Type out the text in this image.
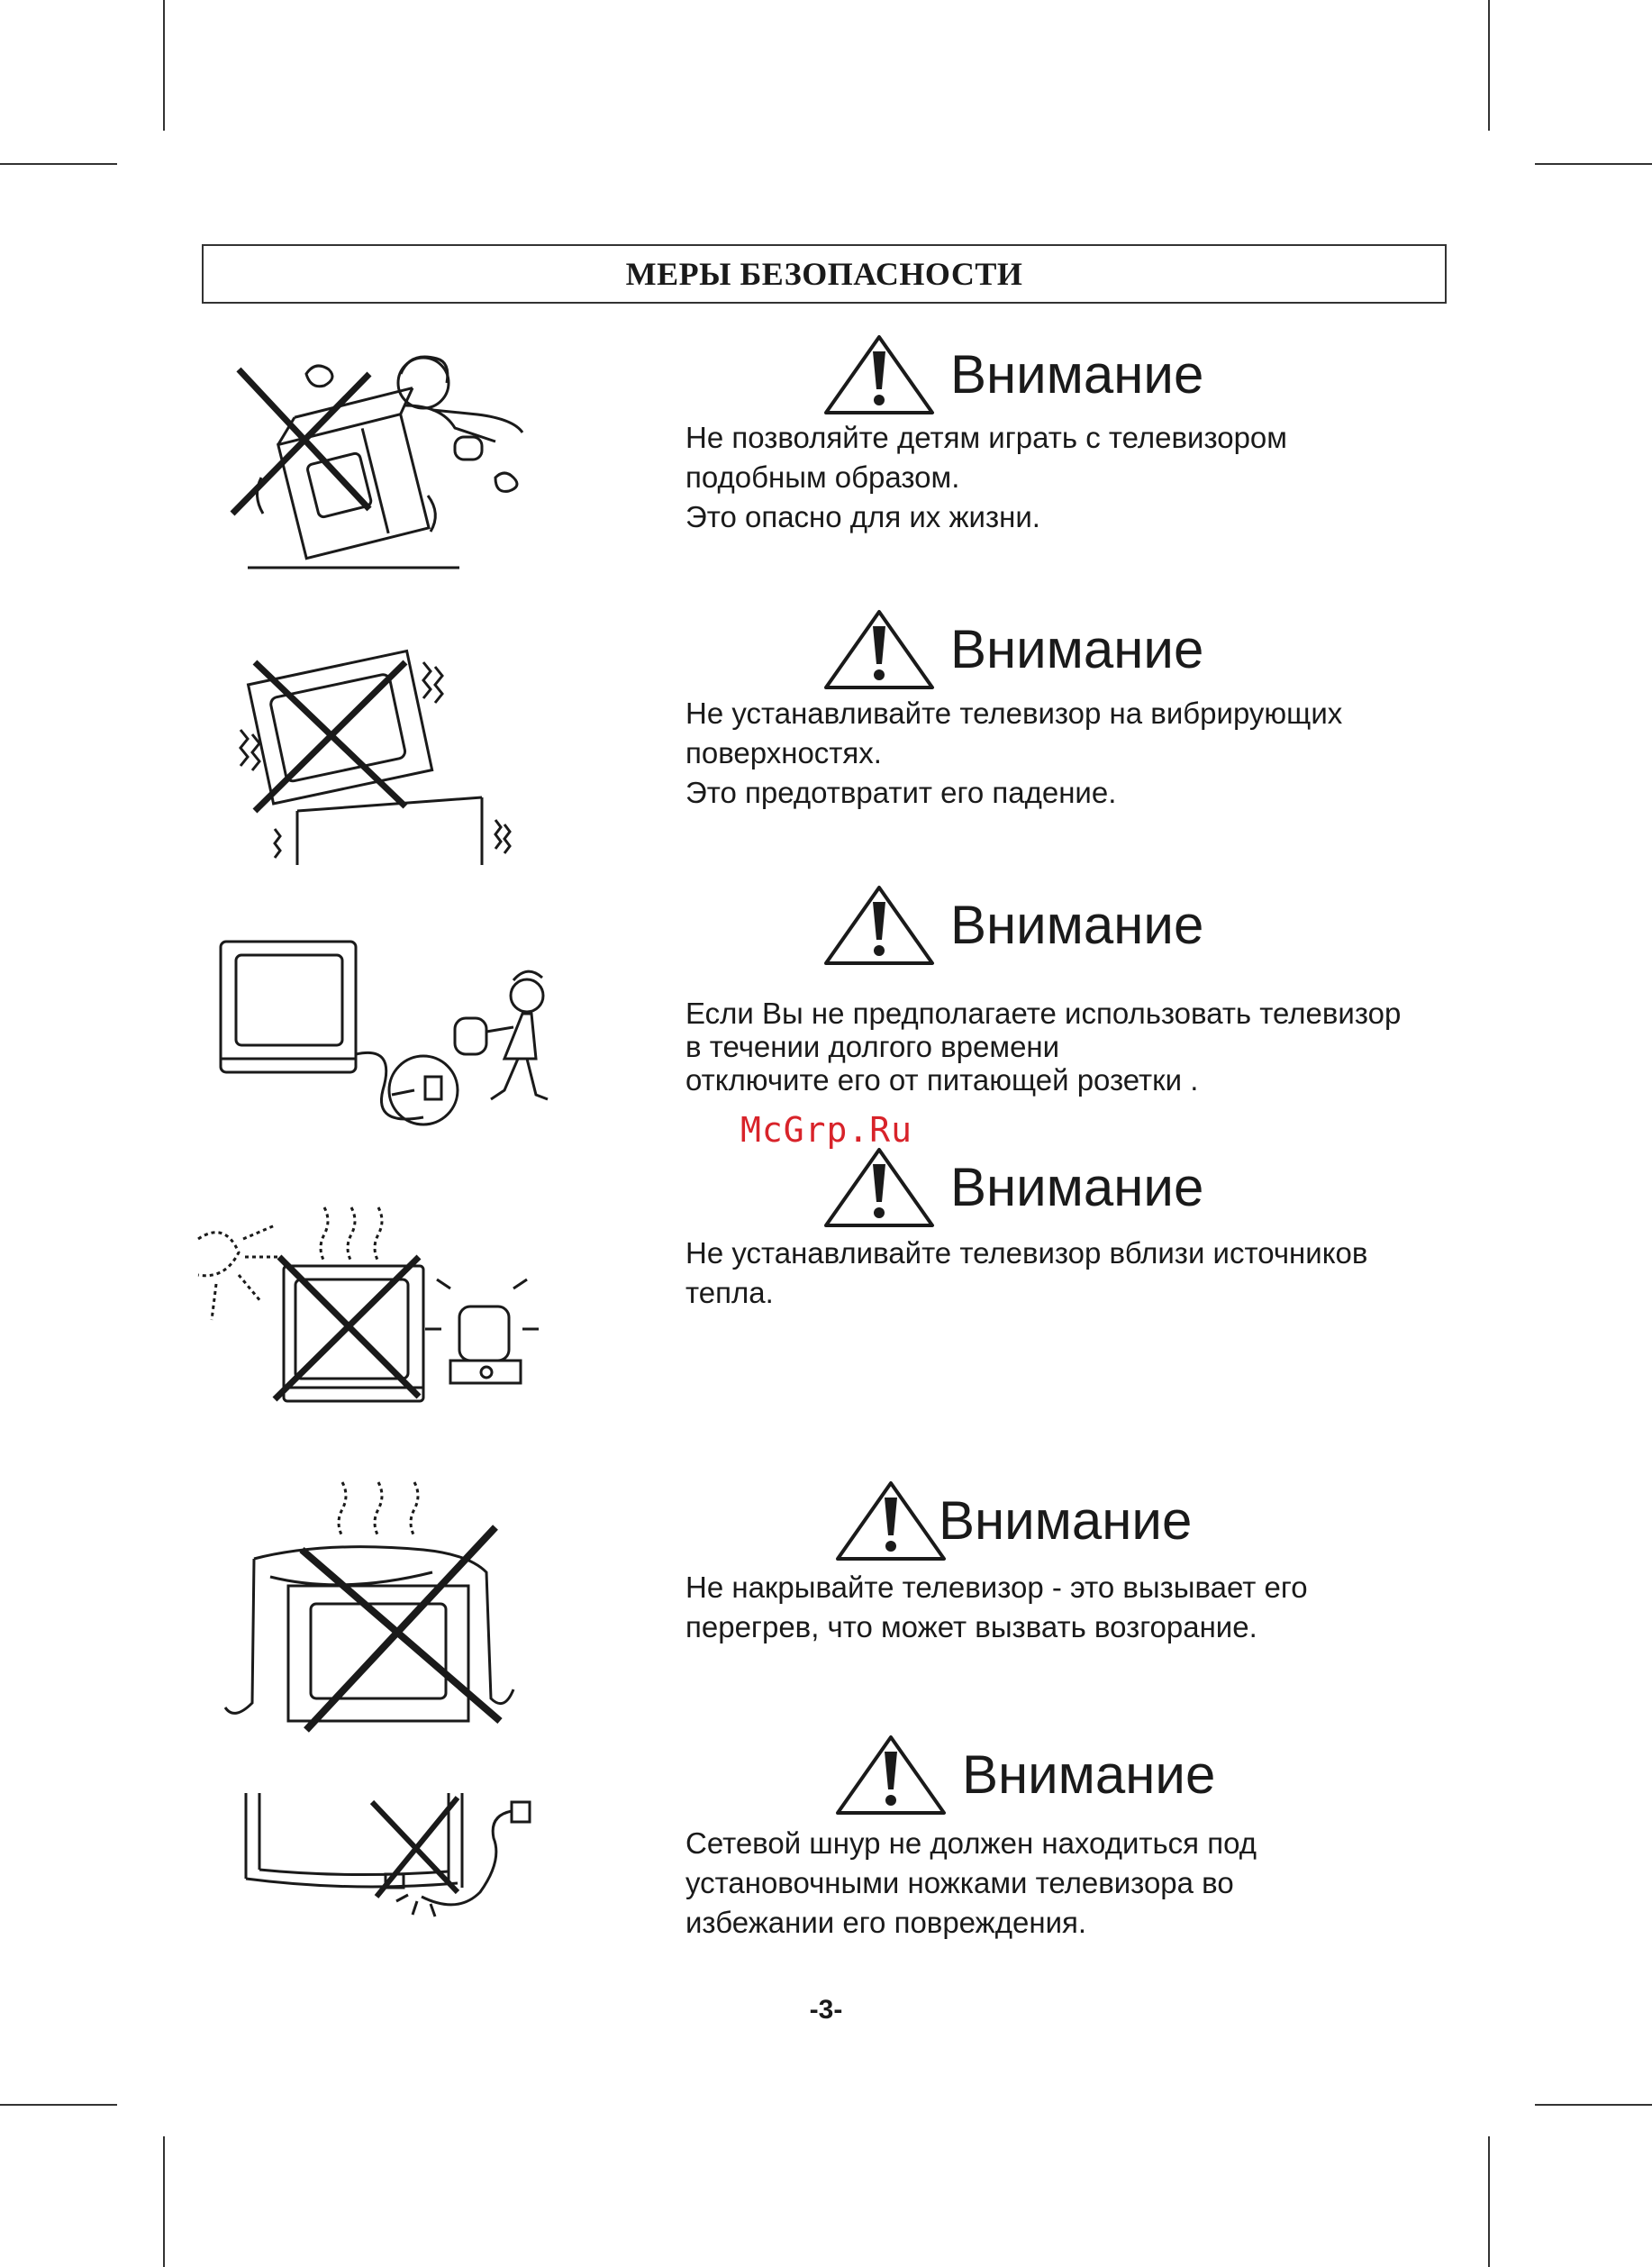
МЕРЫ БЕЗОПАСНОСТИ
Внимание
Не позволяйте детям играть с телевизором
подобным образом.
Это опасно для их жизни.
Внимание
Не устанавливайте телевизор на вибрирующих
поверхностях.
Это предотвратит его падение.
Внимание
Если Вы не предполагаете использовать телевизор
в течении долгого времени
отключите его от питающей розетки .
McGrp.Ru
Внимание
Не устанавливайте телевизор вблизи источников
тепла.
Внимание
Не накрывайте телевизор - это вызывает его
перегрев, что может вызвать возгорание.
Внимание
Сетевой шнур не должен находиться под
установочными ножками телевизора во
избежании его повреждения.
-3-
